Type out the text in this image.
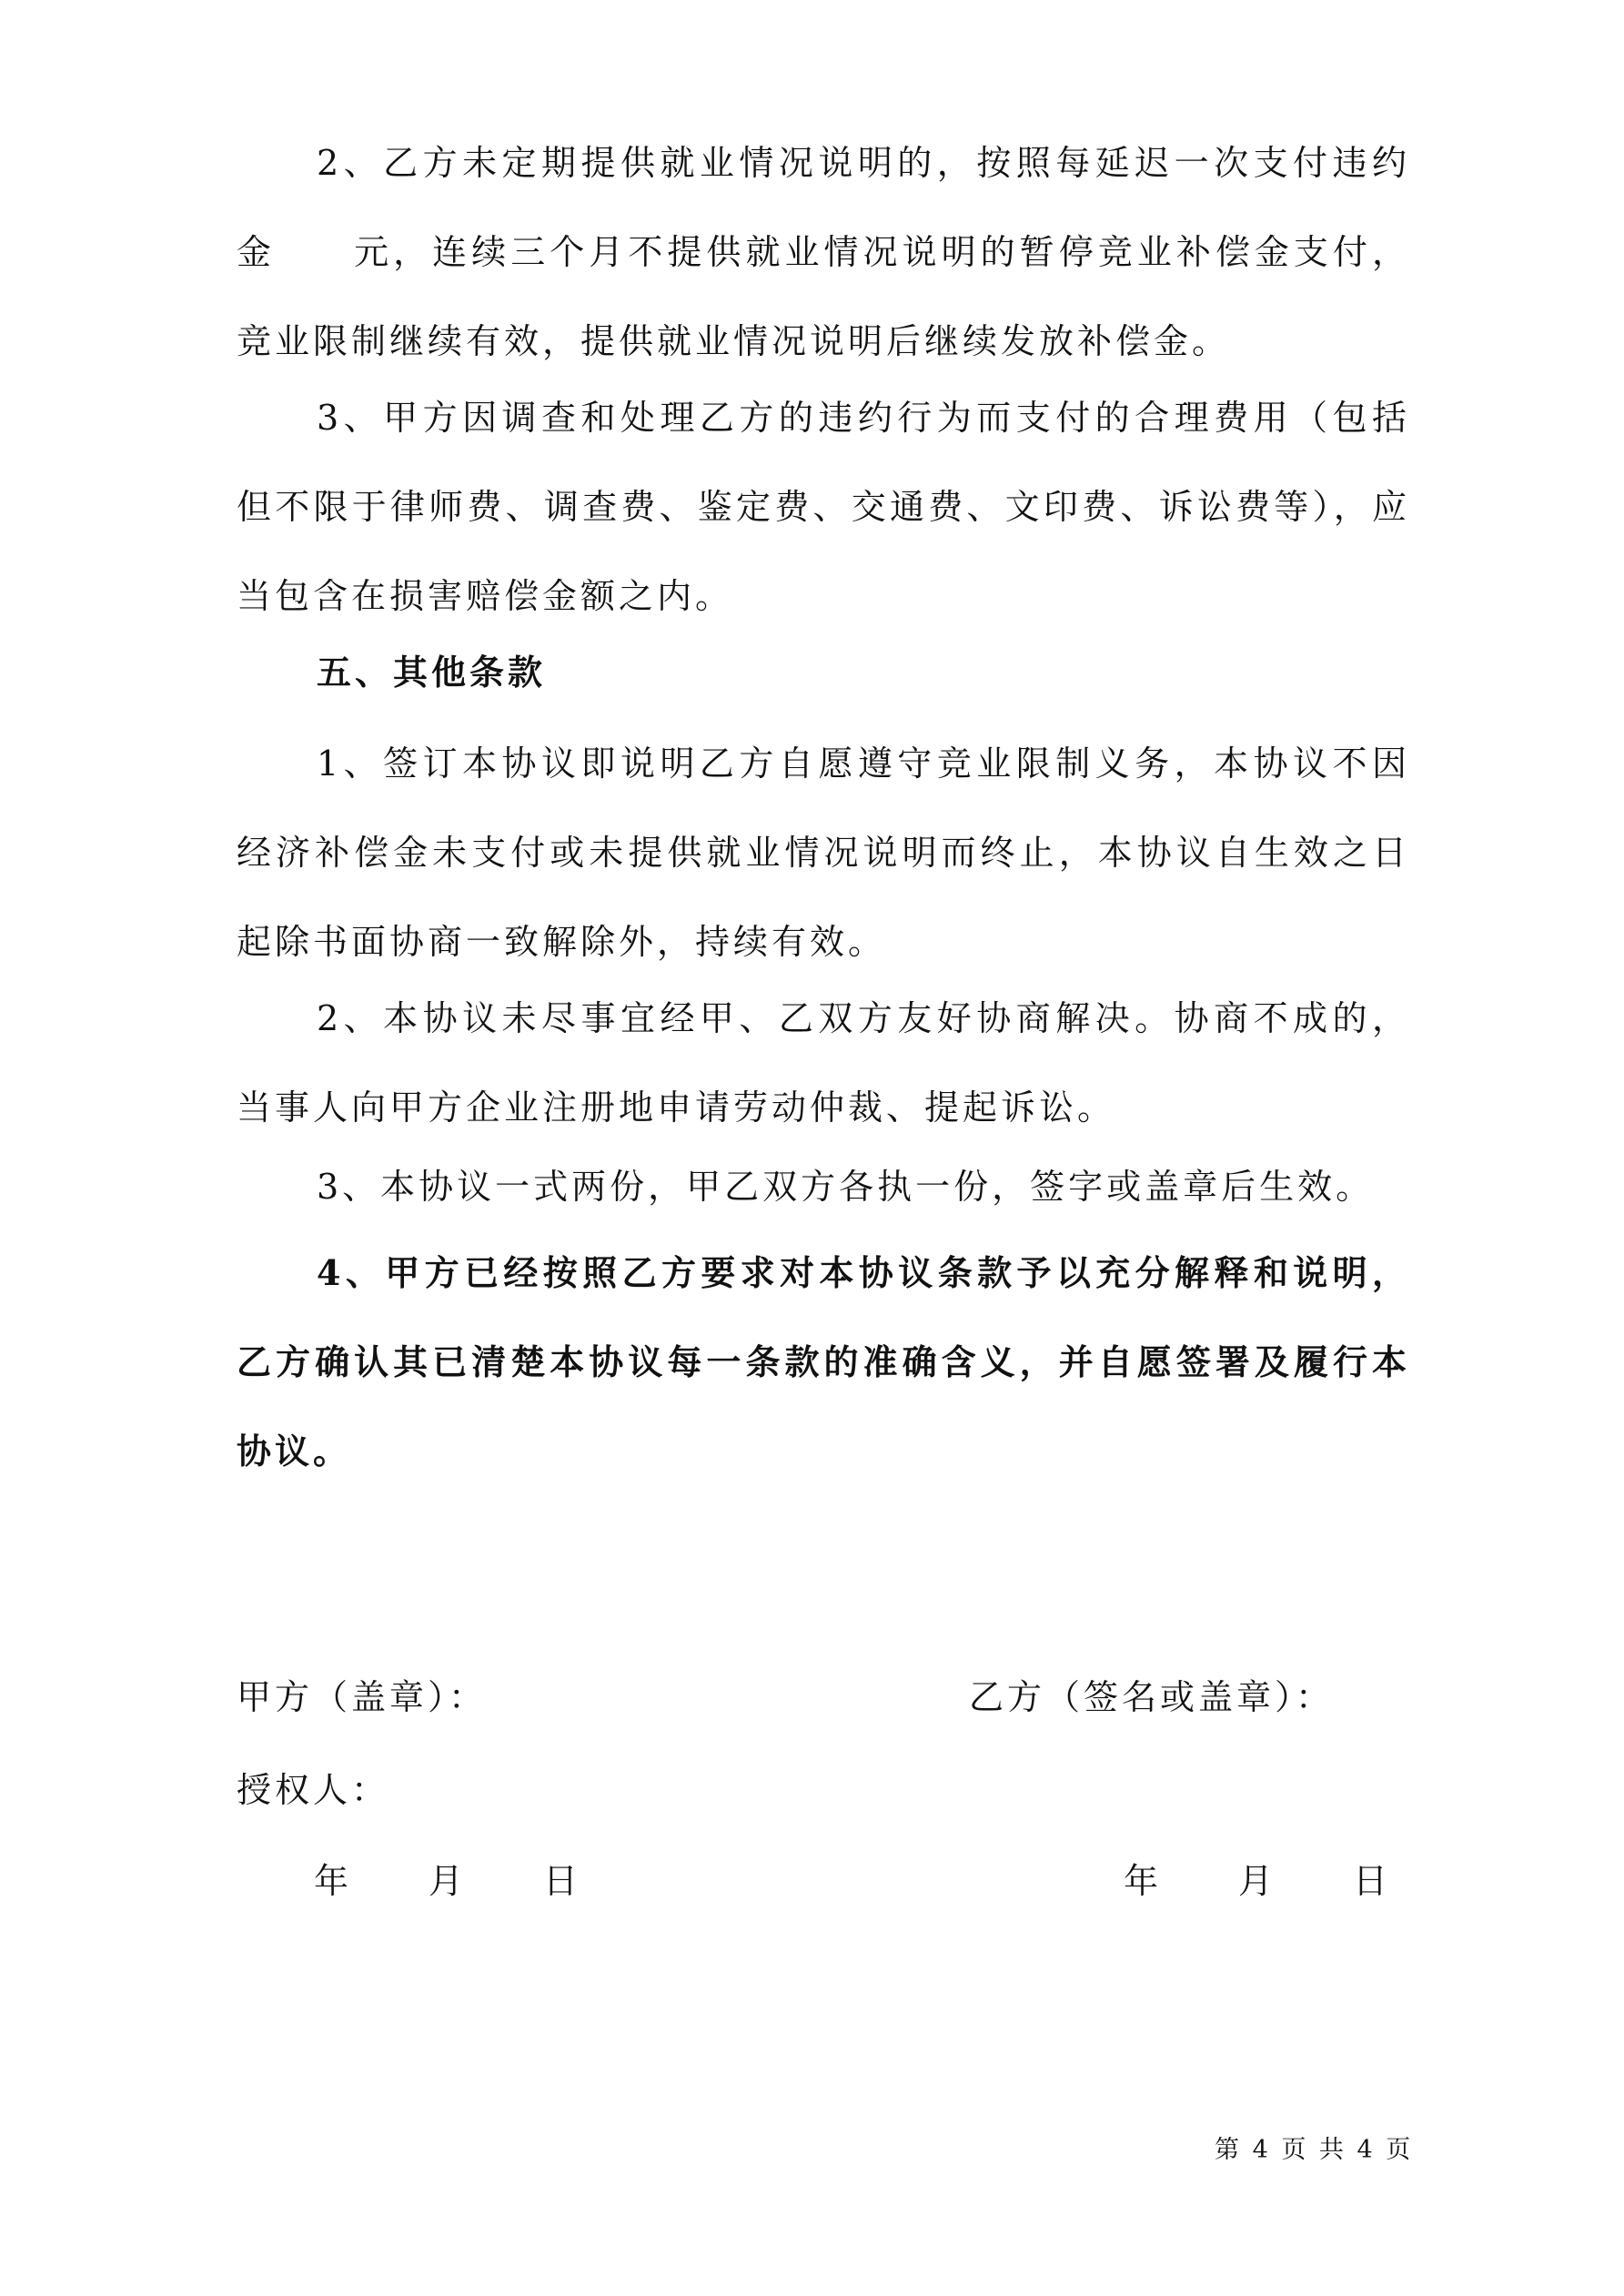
2、乙方未定期提供就业情况说明的，按照每延迟一次支付违约金　　元，连续三个月不提供就业情况说明的暂停竞业补偿金支付，竞业限制继续有效，提供就业情况说明后继续发放补偿金。

3、甲方因调查和处理乙方的违约行为而支付的合理费用（包括但不限于律师费、调查费、鉴定费、交通费、文印费、诉讼费等），应当包含在损害赔偿金额之内。

五、其他条款

1、签订本协议即说明乙方自愿遵守竞业限制义务，本协议不因经济补偿金未支付或未提供就业情况说明而终止，本协议自生效之日起除书面协商一致解除外，持续有效。

2、本协议未尽事宜经甲、乙双方友好协商解决。协商不成的，当事人向甲方企业注册地申请劳动仲裁、提起诉讼。

3、本协议一式两份，甲乙双方各执一份，签字或盖章后生效。

4、甲方已经按照乙方要求对本协议条款予以充分解释和说明，乙方确认其已清楚本协议每一条款的准确含义，并自愿签署及履行本协议。

甲方（盖章）：	乙方（签名或盖章）：
授权人：
年　　月　　日	年　　月　　日
第 4 页 共 4 页
